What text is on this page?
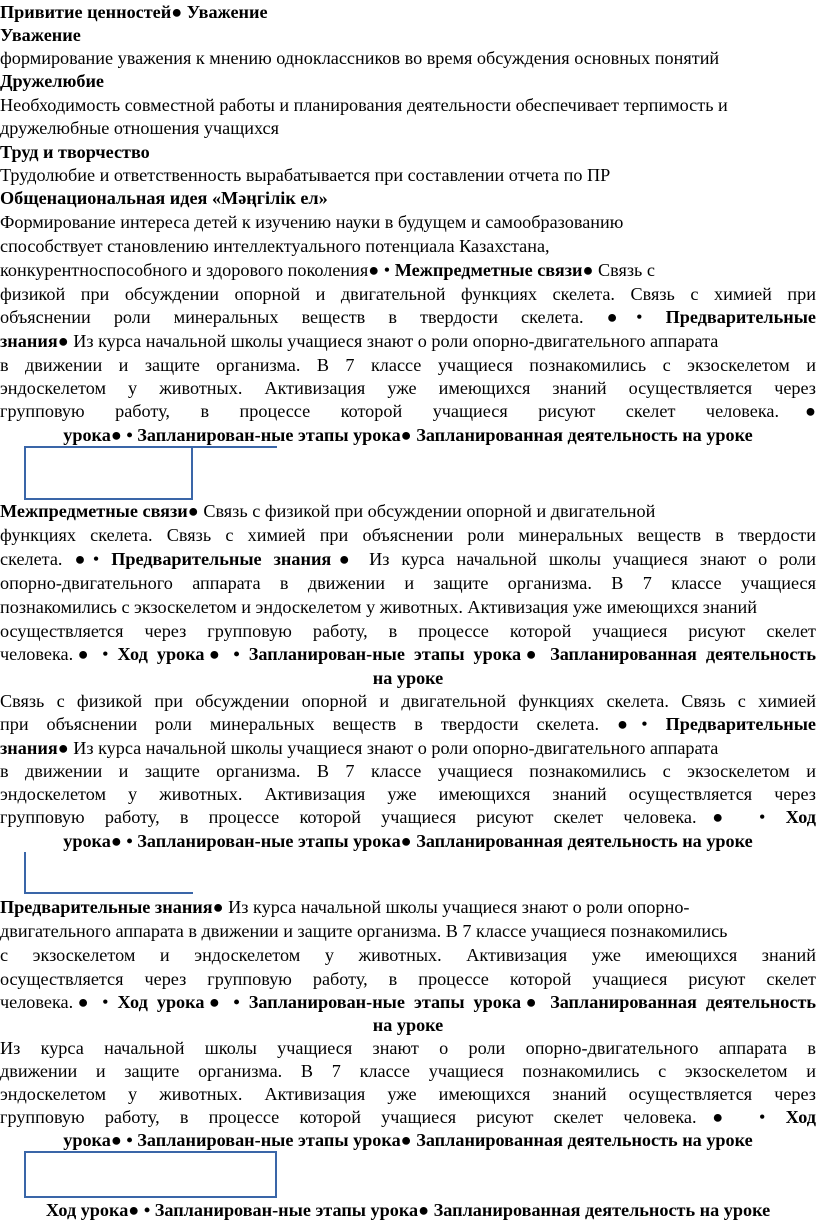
Привитие ценностей● Уважение
Уважение
формирование уважения к мнению одноклассников во время обсуждения основных понятий
Дружелюбие
Необходимость совместной работы и планирования деятельности обеспечивает терпимость и
дружелюбные отношения учащихся
Труд и творчество
Трудолюбие и ответственность вырабатывается при составлении отчета по ПР
Общенациональная идея «Мәңгілік ел»
Формирование интереса детей к изучению науки в будущем и самообразованию
способствует становлению интеллектуального потенциала Казахстана,
конкурентноспособного и здорового поколения● • Межпредметные связи● Связь с
физикой при обсуждении опорной и двигательной функциях скелета. Связь с химией при
объяснении роли минеральных веществ в твердости скелета. ●• Предварительные
знания● Из курса начальной школы учащиеся знают о роли опорно-двигательного аппарата
в движении и защите организма. В 7 классе учащиеся познакомились с экзоскелетом и
эндоскелетом у животных. Активизация уже имеющихся знаний осуществляется через
групповую работу, в процессе которой учащиеся рисуют скелет человека.●
урока● • Запланирован-ные этапы урока● Запланированная деятельность на уроке
Межпредметные связи● Связь с физикой при обсуждении опорной и двигательной
функциях скелета. Связь с химией при объяснении роли минеральных веществ в твердости
скелета. ●• Предварительные знания● Из курса начальной школы учащиеся знают о роли
опорно-двигательного аппарата в движении и защите организма. В 7 классе учащиеся
познакомились с экзоскелетом и эндоскелетом у животных. Активизация уже имеющихся знаний
осуществляется через групповую работу, в процессе которой учащиеся рисуют скелет
человека.● • Ход урока● • Запланирован-ные этапы урока● Запланированная деятельность
на уроке
Связь с физикой при обсуждении опорной и двигательной функциях скелета. Связь с химией
при объяснении роли минеральных веществ в твердости скелета. ●• Предварительные
знания● Из курса начальной школы учащиеся знают о роли опорно-двигательного аппарата
в движении и защите организма. В 7 классе учащиеся познакомились с экзоскелетом и
эндоскелетом у животных. Активизация уже имеющихся знаний осуществляется через
групповую работу, в процессе которой учащиеся рисуют скелет человека.● • Ход
урока● • Запланирован-ные этапы урока● Запланированная деятельность на уроке
Предварительные знания● Из курса начальной школы учащиеся знают о роли опорно-
двигательного аппарата в движении и защите организма. В 7 классе учащиеся познакомились
с экзоскелетом и эндоскелетом у животных. Активизация уже имеющихся знаний
осуществляется через групповую работу, в процессе которой учащиеся рисуют скелет
человека.● • Ход урока● • Запланирован-ные этапы урока● Запланированная деятельность
на уроке
Из курса начальной школы учащиеся знают о роли опорно-двигательного аппарата в
движении и защите организма. В 7 классе учащиеся познакомились с экзоскелетом и
эндоскелетом у животных. Активизация уже имеющихся знаний осуществляется через
групповую работу, в процессе которой учащиеся рисуют скелет человека.● • Ход
урока● • Запланирован-ные этапы урока● Запланированная деятельность на уроке
Ход урока● • Запланирован-ные этапы урока● Запланированная деятельность на уроке
